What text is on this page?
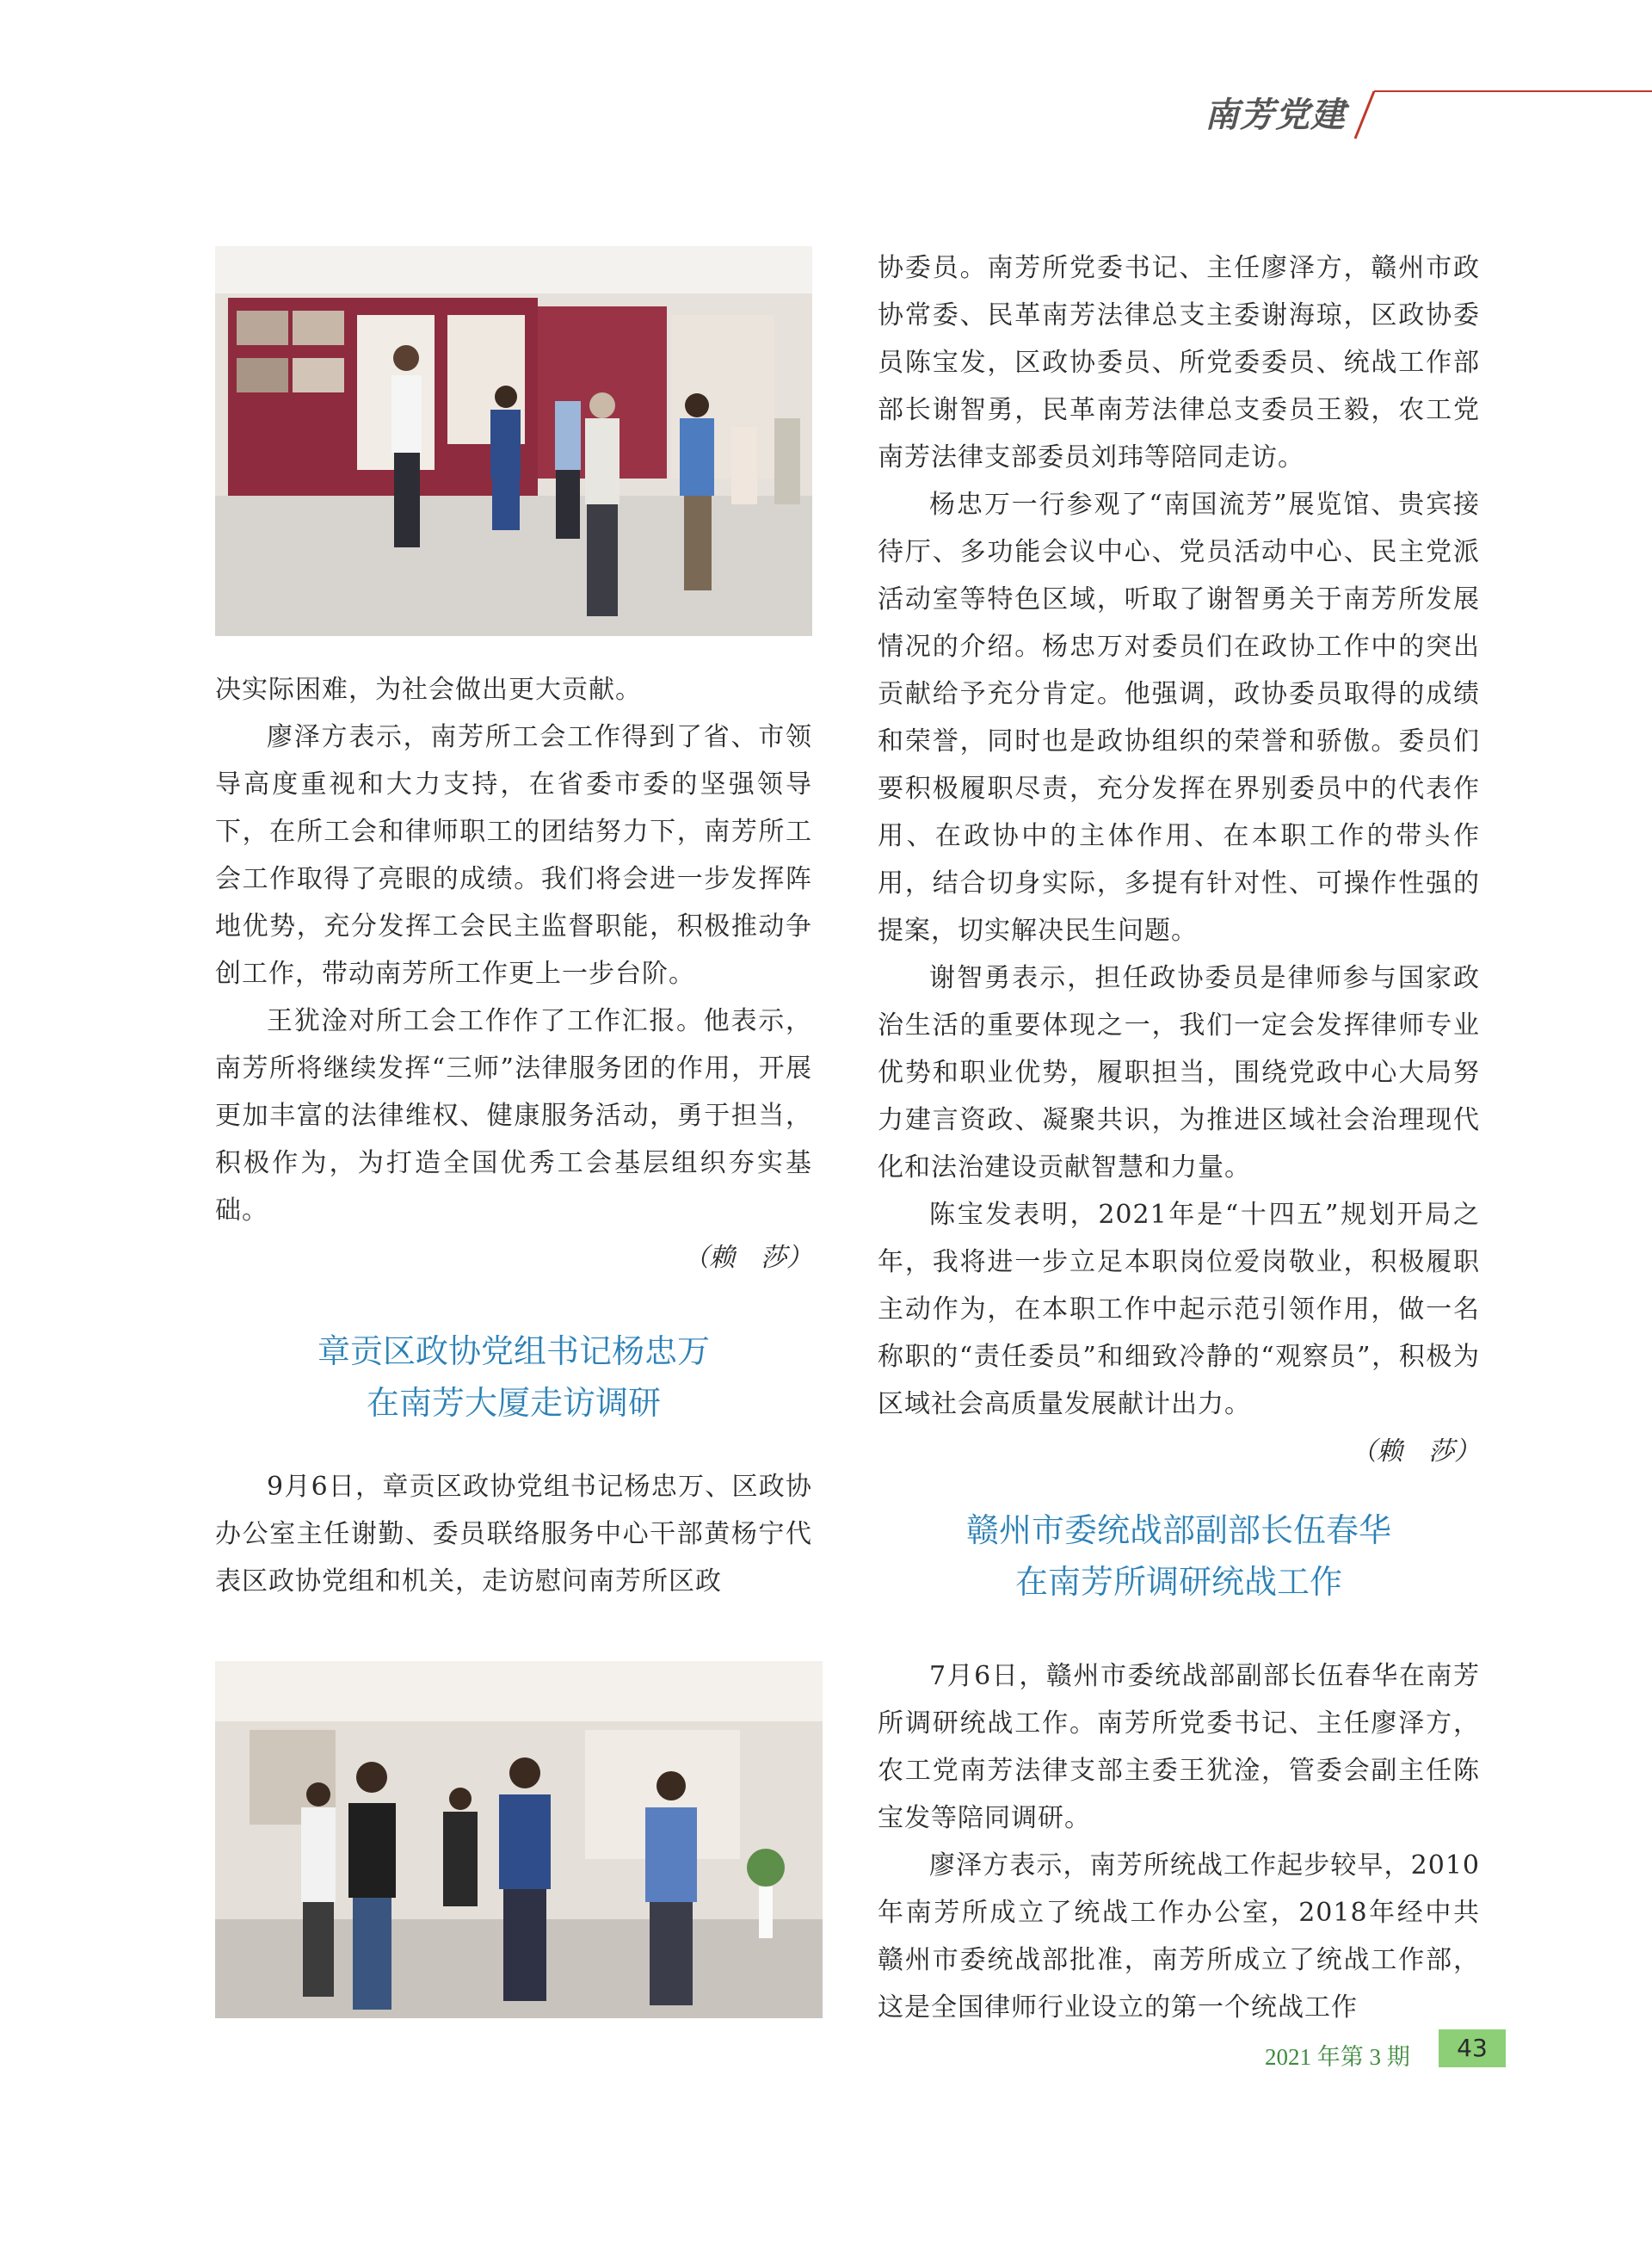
南芳党建

决实际困难，为社会做出更大贡献。

廖泽方表示，南芳所工会工作得到了省、市领导高度重视和大力支持，在省委市委的坚强领导下，在所工会和律师职工的团结努力下，南芳所工会工作取得了亮眼的成绩。我们将会进一步发挥阵地优势，充分发挥工会民主监督职能，积极推动争创工作，带动南芳所工作更上一步台阶。

王犹淦对所工会工作作了工作汇报。他表示，南芳所将继续发挥“三师”法律服务团的作用，开展更加丰富的法律维权、健康服务活动，勇于担当，积极作为，为打造全国优秀工会基层组织夯实基础。

（赖　莎）

章贡区政协党组书记杨忠万

在南芳大厦走访调研

9月6日，章贡区政协党组书记杨忠万、区政协办公室主任谢勤、委员联络服务中心干部黄杨宁代表区政协党组和机关，走访慰问南芳所区政

协委员。南芳所党委书记、主任廖泽方，赣州市政协常委、民革南芳法律总支主委谢海琼，区政协委员陈宝发，区政协委员、所党委委员、统战工作部部长谢智勇，民革南芳法律总支委员王毅，农工党南芳法律支部委员刘玮等陪同走访。

杨忠万一行参观了“南国流芳”展览馆、贵宾接待厅、多功能会议中心、党员活动中心、民主党派活动室等特色区域，听取了谢智勇关于南芳所发展情况的介绍。杨忠万对委员们在政协工作中的突出贡献给予充分肯定。他强调，政协委员取得的成绩和荣誉，同时也是政协组织的荣誉和骄傲。委员们要积极履职尽责，充分发挥在界别委员中的代表作用、在政协中的主体作用、在本职工作的带头作用，结合切身实际，多提有针对性、可操作性强的提案，切实解决民生问题。

谢智勇表示，担任政协委员是律师参与国家政治生活的重要体现之一，我们一定会发挥律师专业优势和职业优势，履职担当，围绕党政中心大局努力建言资政、凝聚共识，为推进区域社会治理现代化和法治建设贡献智慧和力量。

陈宝发表明，2021年是“十四五”规划开局之年，我将进一步立足本职岗位爱岗敬业，积极履职主动作为，在本职工作中起示范引领作用，做一名称职的“责任委员”和细致冷静的“观察员”，积极为区域社会高质量发展献计出力。

（赖　莎）

赣州市委统战部副部长伍春华

在南芳所调研统战工作

7月6日，赣州市委统战部副部长伍春华在南芳所调研统战工作。南芳所党委书记、主任廖泽方，农工党南芳法律支部主委王犹淦，管委会副主任陈宝发等陪同调研。

廖泽方表示，南芳所统战工作起步较早，2010年南芳所成立了统战工作办公室，2018年经中共赣州市委统战部批准，南芳所成立了统战工作部，这是全国律师行业设立的第一个统战工作

2021 年第 3 期	43
